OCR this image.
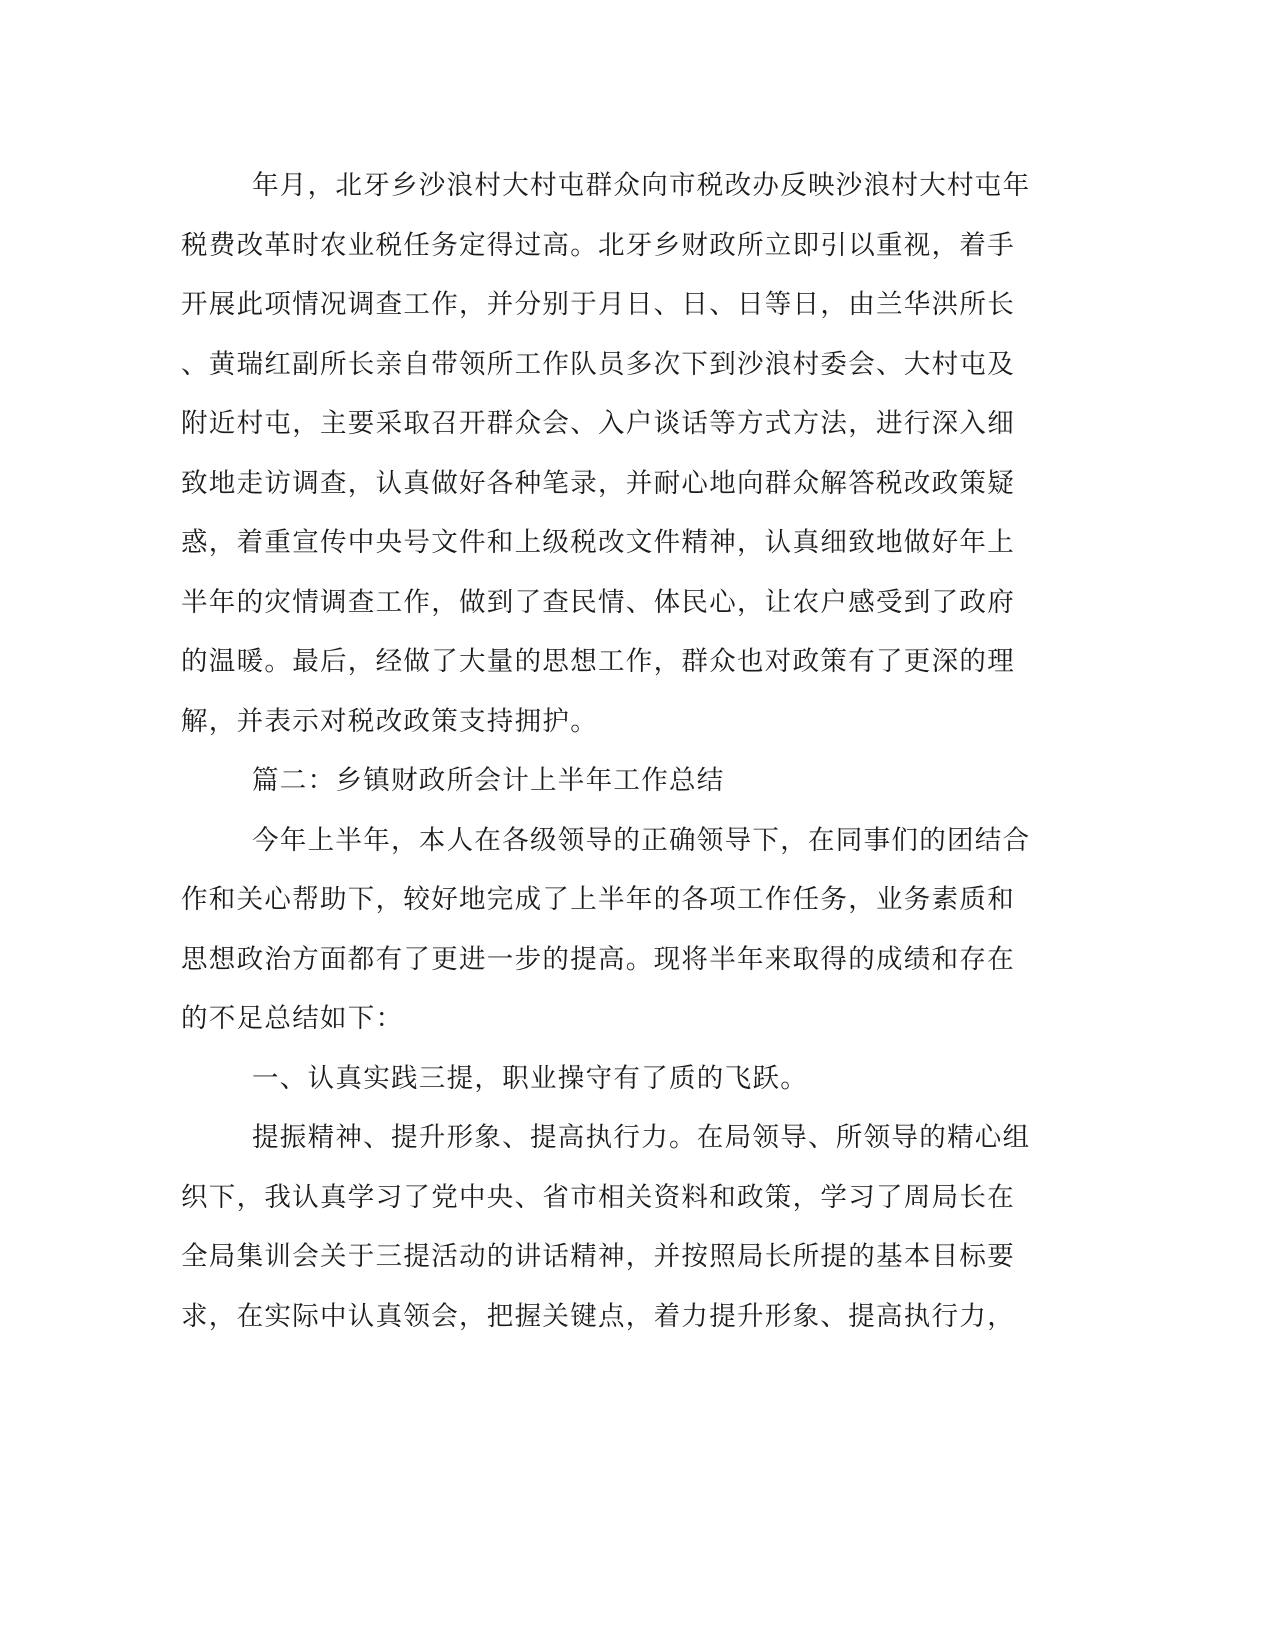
年月，北牙乡沙浪村大村屯群众向市税改办反映沙浪村大村屯年
税费改革时农业税任务定得过高。北牙乡财政所立即引以重视，着手
开展此项情况调查工作，并分别于月日、日、日等日，由兰华洪所长
、黄瑞红副所长亲自带领所工作队员多次下到沙浪村委会、大村屯及
附近村屯，主要采取召开群众会、入户谈话等方式方法，进行深入细
致地走访调查，认真做好各种笔录，并耐心地向群众解答税改政策疑
惑，着重宣传中央号文件和上级税改文件精神，认真细致地做好年上
半年的灾情调查工作，做到了查民情、体民心，让农户感受到了政府
的温暖。最后，经做了大量的思想工作，群众也对政策有了更深的理
解，并表示对税改政策支持拥护。
篇二：乡镇财政所会计上半年工作总结
今年上半年，本人在各级领导的正确领导下，在同事们的团结合
作和关心帮助下，较好地完成了上半年的各项工作任务，业务素质和
思想政治方面都有了更进一步的提高。现将半年来取得的成绩和存在
的不足总结如下：
一、认真实践三提，职业操守有了质的飞跃。
提振精神、提升形象、提高执行力。在局领导、所领导的精心组
织下，我认真学习了党中央、省市相关资料和政策，学习了周局长在
全局集训会关于三提活动的讲话精神，并按照局长所提的基本目标要
求，在实际中认真领会，把握关键点，着力提升形象、提高执行力，
